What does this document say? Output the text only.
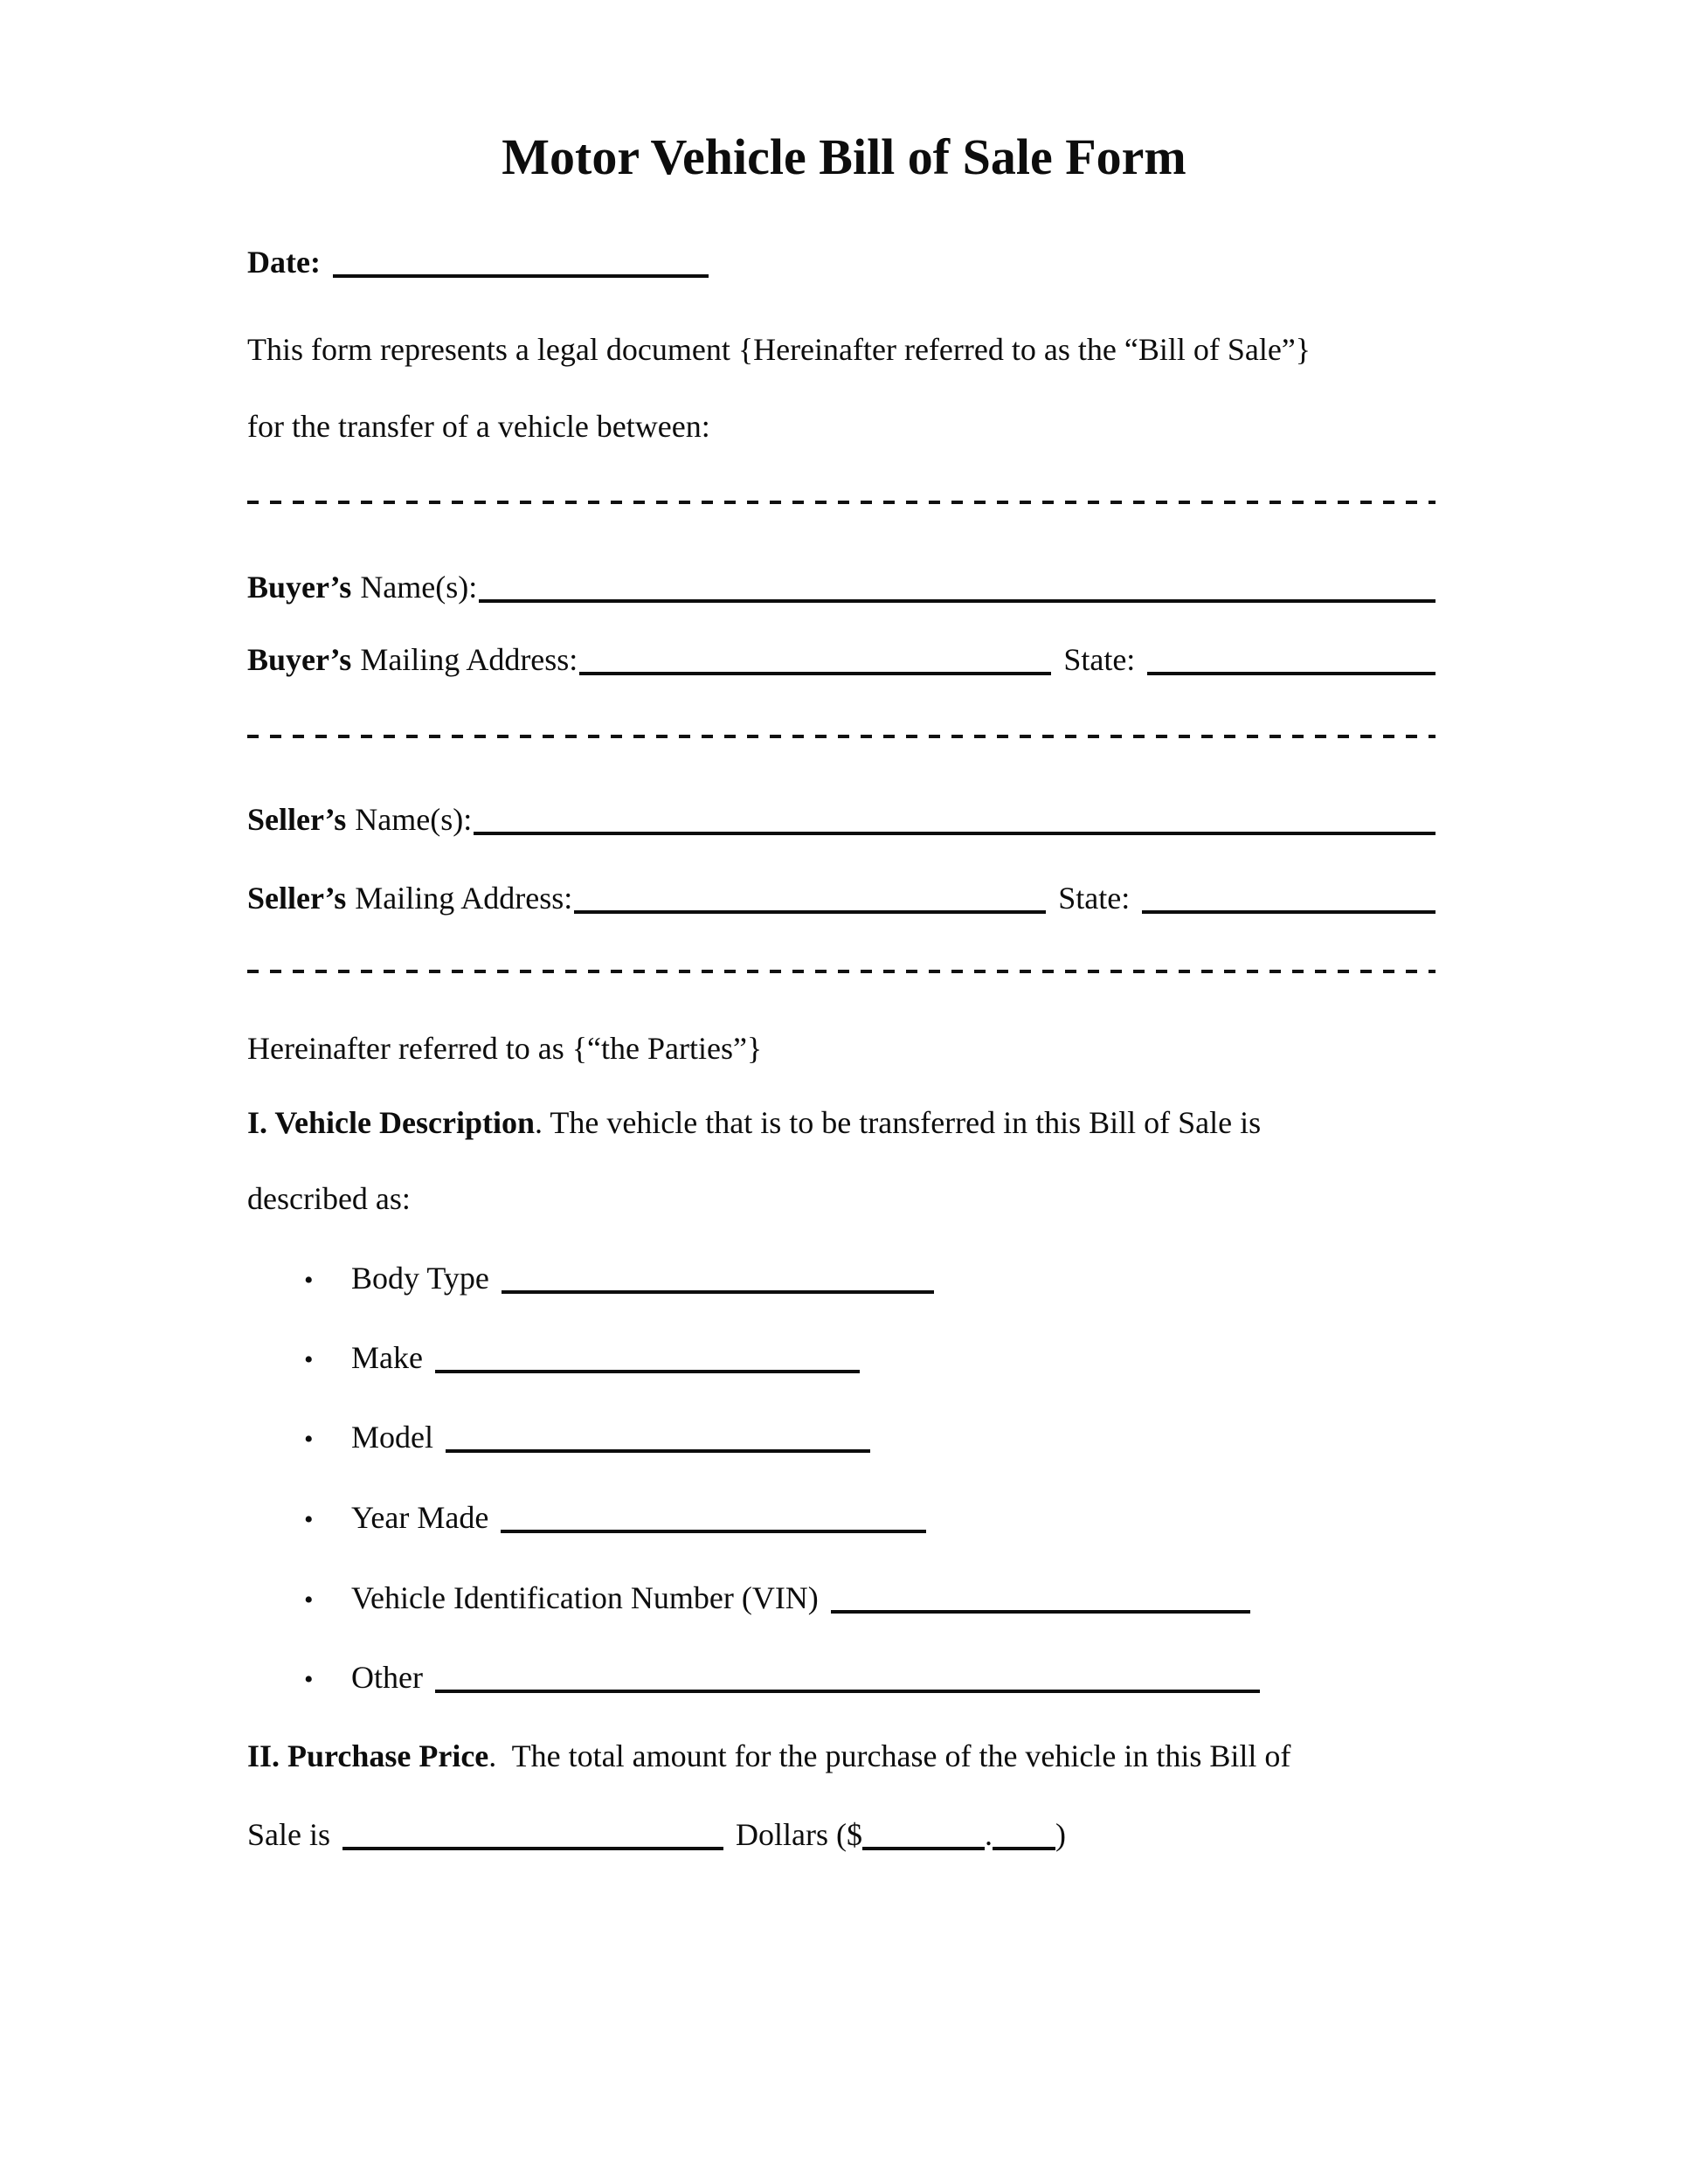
Motor Vehicle Bill of Sale Form
Date:
This form represents a legal document {Hereinafter referred to as the “Bill of Sale”}
for the transfer of a vehicle between:
Buyer’s Name(s):
Buyer’s Mailing Address:	State:
Seller’s Name(s):
Seller’s Mailing Address:	State:
Hereinafter referred to as {“the Parties”}
I. Vehicle Description . The vehicle that is to be transferred in this Bill of Sale is
described as:
•	Body Type
•	Make
•	Model
•	Year Made
•	Vehicle Identification Number (VIN)
•	Other
II. Purchase Price .  The total amount for the purchase of the vehicle in this Bill of
Sale is	Dollars ($	. )
